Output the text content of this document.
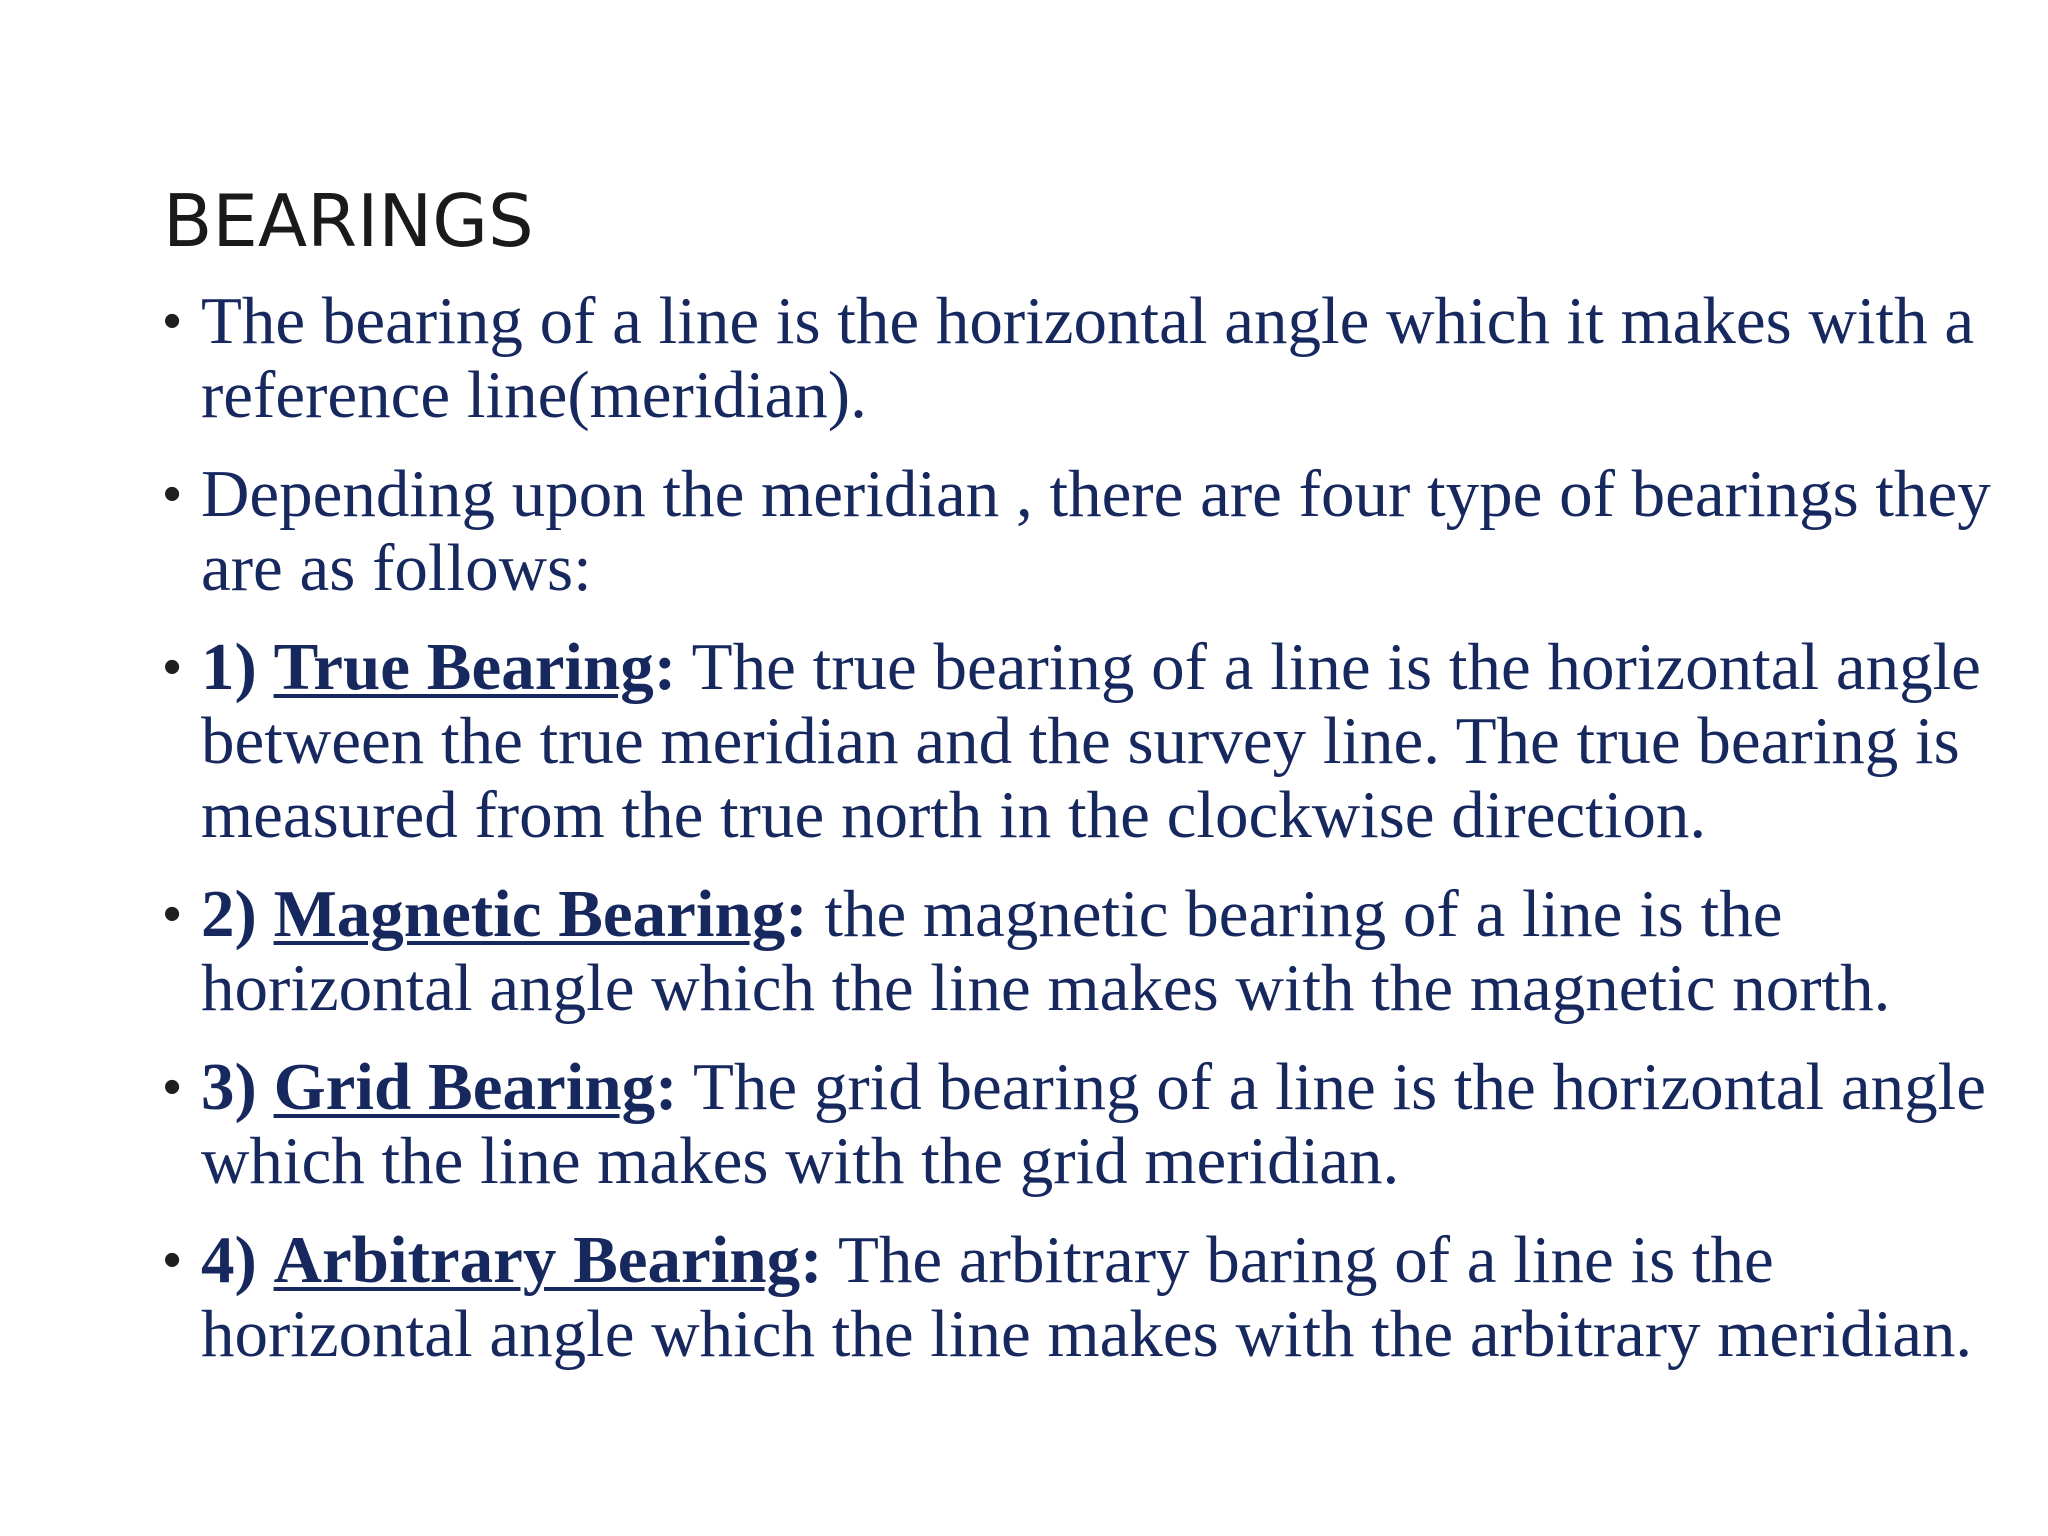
BEARINGS
• The bearing of a line is the horizontal angle which it makes with a reference line(meridian).
• Depending upon the meridian , there are four type of bearings they are as follows:
• 1) True Bearing: The true bearing of a line is the horizontal angle between the true meridian and the survey line. The true bearing is measured from the true north in the clockwise direction.
• 2) Magnetic Bearing: the magnetic bearing of a line is the horizontal angle which the line makes with the magnetic north.
• 3) Grid Bearing: The grid bearing of a line is the horizontal angle which the line makes with the grid meridian.
• 4) Arbitrary Bearing: The arbitrary baring of a line is the horizontal angle which the line makes with the arbitrary meridian.
